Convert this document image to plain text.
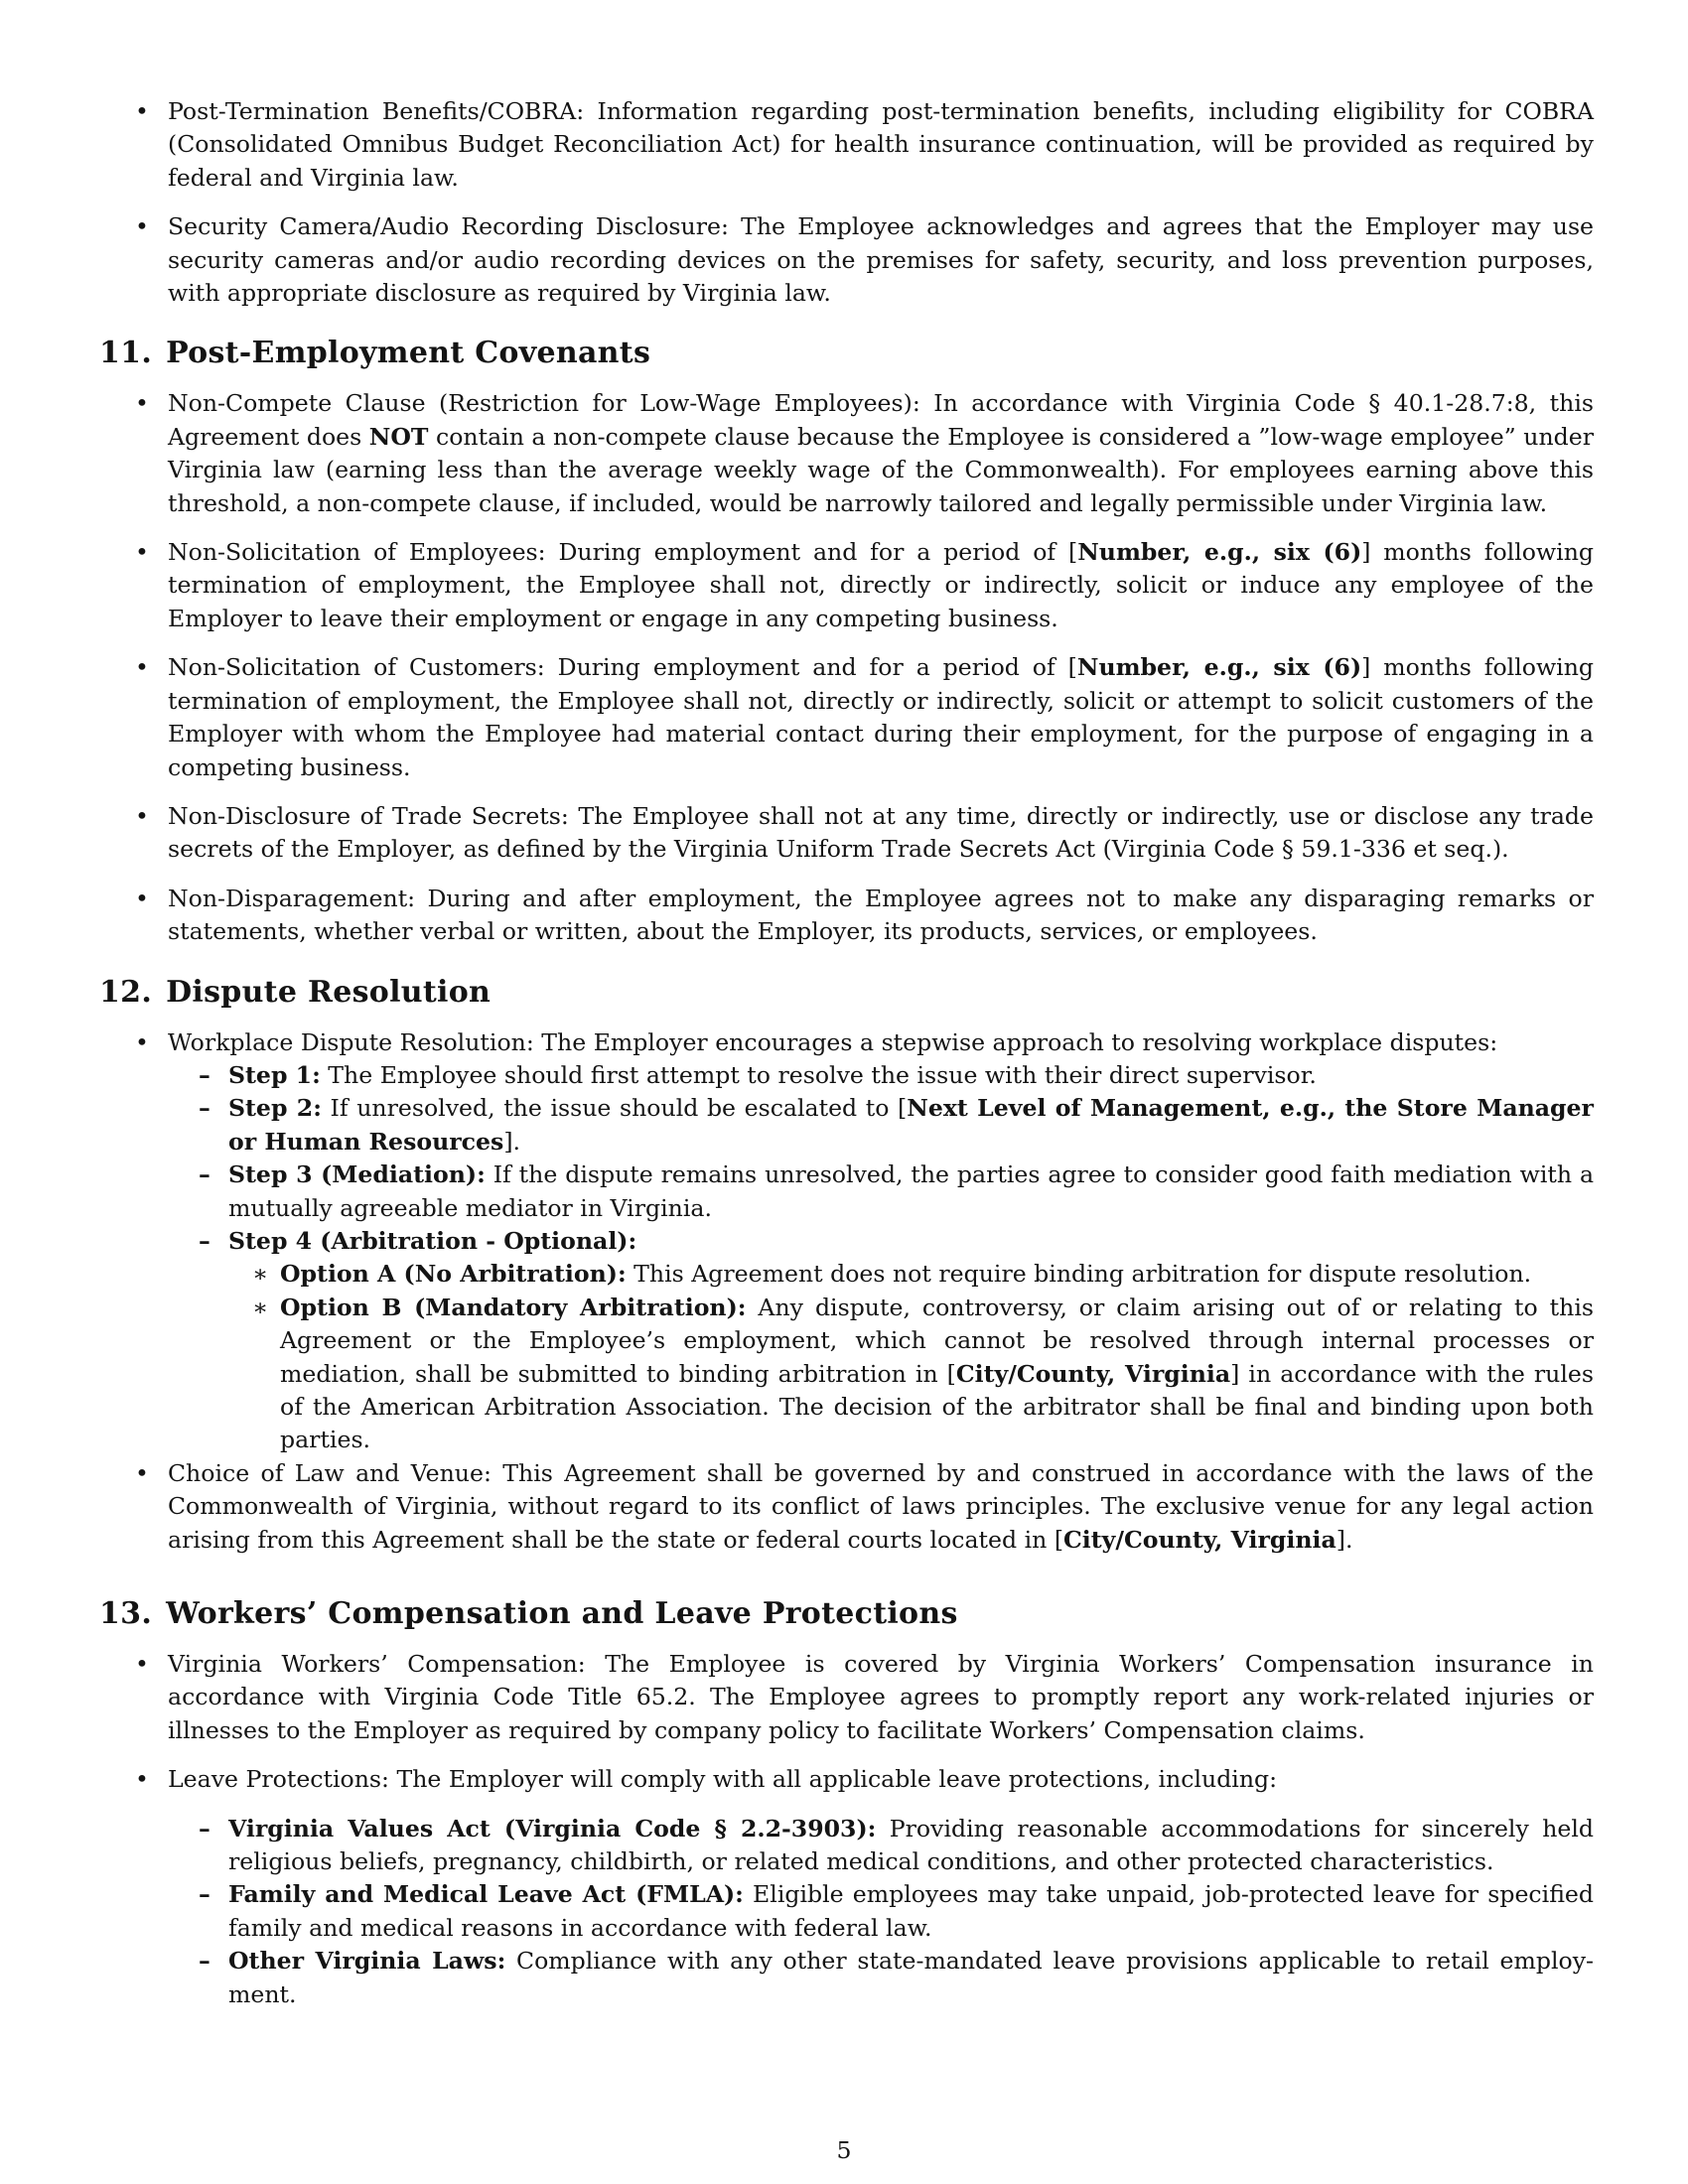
• Post-Termination Benefits/COBRA: Information regarding post-termination benefits, including eligibility for COBRA (Consolidated Omnibus Budget Reconciliation Act) for health insurance continuation, will be provided as required by federal and Virginia law.
• Security Camera/Audio Recording Disclosure: The Employee acknowledges and agrees that the Employer may use security cameras and/or audio recording devices on the premises for safety, security, and loss prevention purposes, with appropriate disclosure as required by Virginia law.
11. Post-Employment Covenants
• Non-Compete Clause (Restriction for Low-Wage Employees): In accordance with Virginia Code § 40.1-28.7:8, this Agreement does NOT contain a non-compete clause because the Employee is considered a ”low-wage employee” under Virginia law (earning less than the average weekly wage of the Commonwealth). For employees earning above this threshold, a non-compete clause, if included, would be narrowly tailored and legally permissible under Virginia law.
• Non-Solicitation of Employees: During employment and for a period of [Number, e.g., six (6)] months following termination of employment, the Employee shall not, directly or indirectly, solicit or induce any employee of the Employer to leave their employment or engage in any competing business.
• Non-Solicitation of Customers: During employment and for a period of [Number, e.g., six (6)] months following termination of employment, the Employee shall not, directly or indirectly, solicit or attempt to solicit customers of the Employer with whom the Employee had material contact during their employment, for the purpose of engaging in a competing business.
• Non-Disclosure of Trade Secrets: The Employee shall not at any time, directly or indirectly, use or disclose any trade secrets of the Employer, as defined by the Virginia Uniform Trade Secrets Act (Virginia Code § 59.1-336 et seq.).
• Non-Disparagement: During and after employment, the Employee agrees not to make any disparaging remarks or statements, whether verbal or written, about the Employer, its products, services, or employees.
12. Dispute Resolution
• Workplace Dispute Resolution: The Employer encourages a stepwise approach to resolving workplace disputes:
– Step 1: The Employee should first attempt to resolve the issue with their direct supervisor.
– Step 2: If unresolved, the issue should be escalated to [Next Level of Management, e.g., the Store Manager or Human Resources].
– Step 3 (Mediation): If the dispute remains unresolved, the parties agree to consider good faith mediation with a mutually agreeable mediator in Virginia.
– Step 4 (Arbitration - Optional):
∗ Option A (No Arbitration): This Agreement does not require binding arbitration for dispute resolution.
∗ Option B (Mandatory Arbitration): Any dispute, controversy, or claim arising out of or relating to this Agreement or the Employee’s employment, which cannot be resolved through internal processes or mediation, shall be submitted to binding arbitration in [City/County, Virginia] in accordance with the rules of the American Arbitration Association. The decision of the arbitrator shall be final and binding upon both parties.
• Choice of Law and Venue: This Agreement shall be governed by and construed in accordance with the laws of the Commonwealth of Virginia, without regard to its conflict of laws principles. The exclusive venue for any legal action arising from this Agreement shall be the state or federal courts located in [City/County, Virginia].
13. Workers’ Compensation and Leave Protections
• Virginia Workers’ Compensation: The Employee is covered by Virginia Workers’ Compensation insurance in accordance with Virginia Code Title 65.2. The Employee agrees to promptly report any work-related injuries or illnesses to the Employer as required by company policy to facilitate Workers’ Compensation claims.
• Leave Protections: The Employer will comply with all applicable leave protections, including:
– Virginia Values Act (Virginia Code § 2.2-3903): Providing reasonable accommodations for sincerely held religious beliefs, pregnancy, childbirth, or related medical conditions, and other protected characteristics.
– Family and Medical Leave Act (FMLA): Eligible employees may take unpaid, job-protected leave for specified family and medical reasons in accordance with federal law.
– Other Virginia Laws: Compliance with any other state-mandated leave provisions applicable to retail employ-ment.
5
